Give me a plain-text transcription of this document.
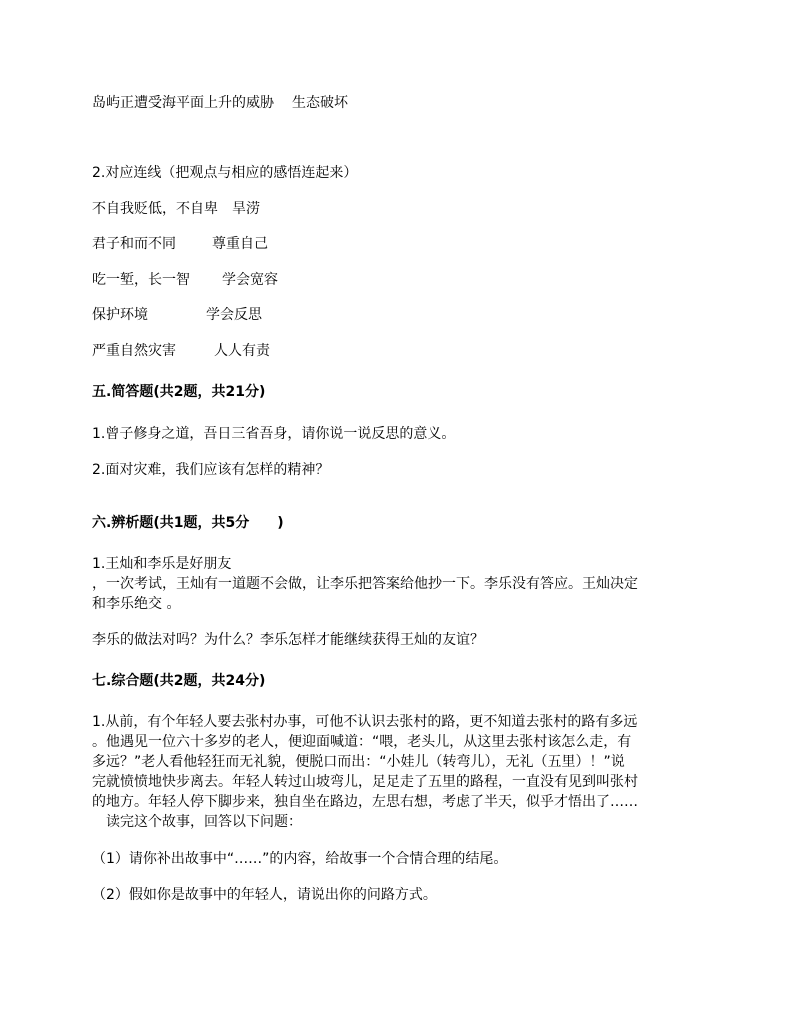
岛屿正遭受海平面上升的威胁 生态破坏
2.对应连线（把观点与相应的感悟连起来）
不自我贬低，不自卑 旱涝
君子和而不同	尊重自己
吃一堑，长一智 学会宽容
保护环境	学会反思
严重自然灾害	人人有责
五.简答题(共2题，共21分)
1.曾子修身之道，吾日三省吾身，请你说一说反思的意义。
2.面对灾难，我们应该有怎样的精神？
六.辨析题(共1题，共5分　　)
1.王灿和李乐是好朋友
，一次考试，王灿有一道题不会做，让李乐把答案给他抄一下。李乐没有答应。王灿决定
和李乐绝交 。
李乐的做法对吗？为什么？李乐怎样才能继续获得王灿的友谊？
七.综合题(共2题，共24分)
1.从前，有个年轻人要去张村办事，可他不认识去张村的路，更不知道去张村的路有多远
。他遇见一位六十多岁的老人，便迎面喊道：“喂，老头儿，从这里去张村该怎么走，有
多远？”老人看他轻狂而无礼貌，便脱口而出：“小娃儿（转弯儿），无礼（五里）！”说
完就愤愤地快步离去。年轻人转过山坡弯儿，足足走了五里的路程，一直没有见到叫张村
的地方。年轻人停下脚步来，独自坐在路边，左思右想，考虑了半天，似乎才悟出了……
　读完这个故事，回答以下问题：
（1）请你补出故事中“……”的内容，给故事一个合情合理的结尾。
（2）假如你是故事中的年轻人，请说出你的问路方式。
